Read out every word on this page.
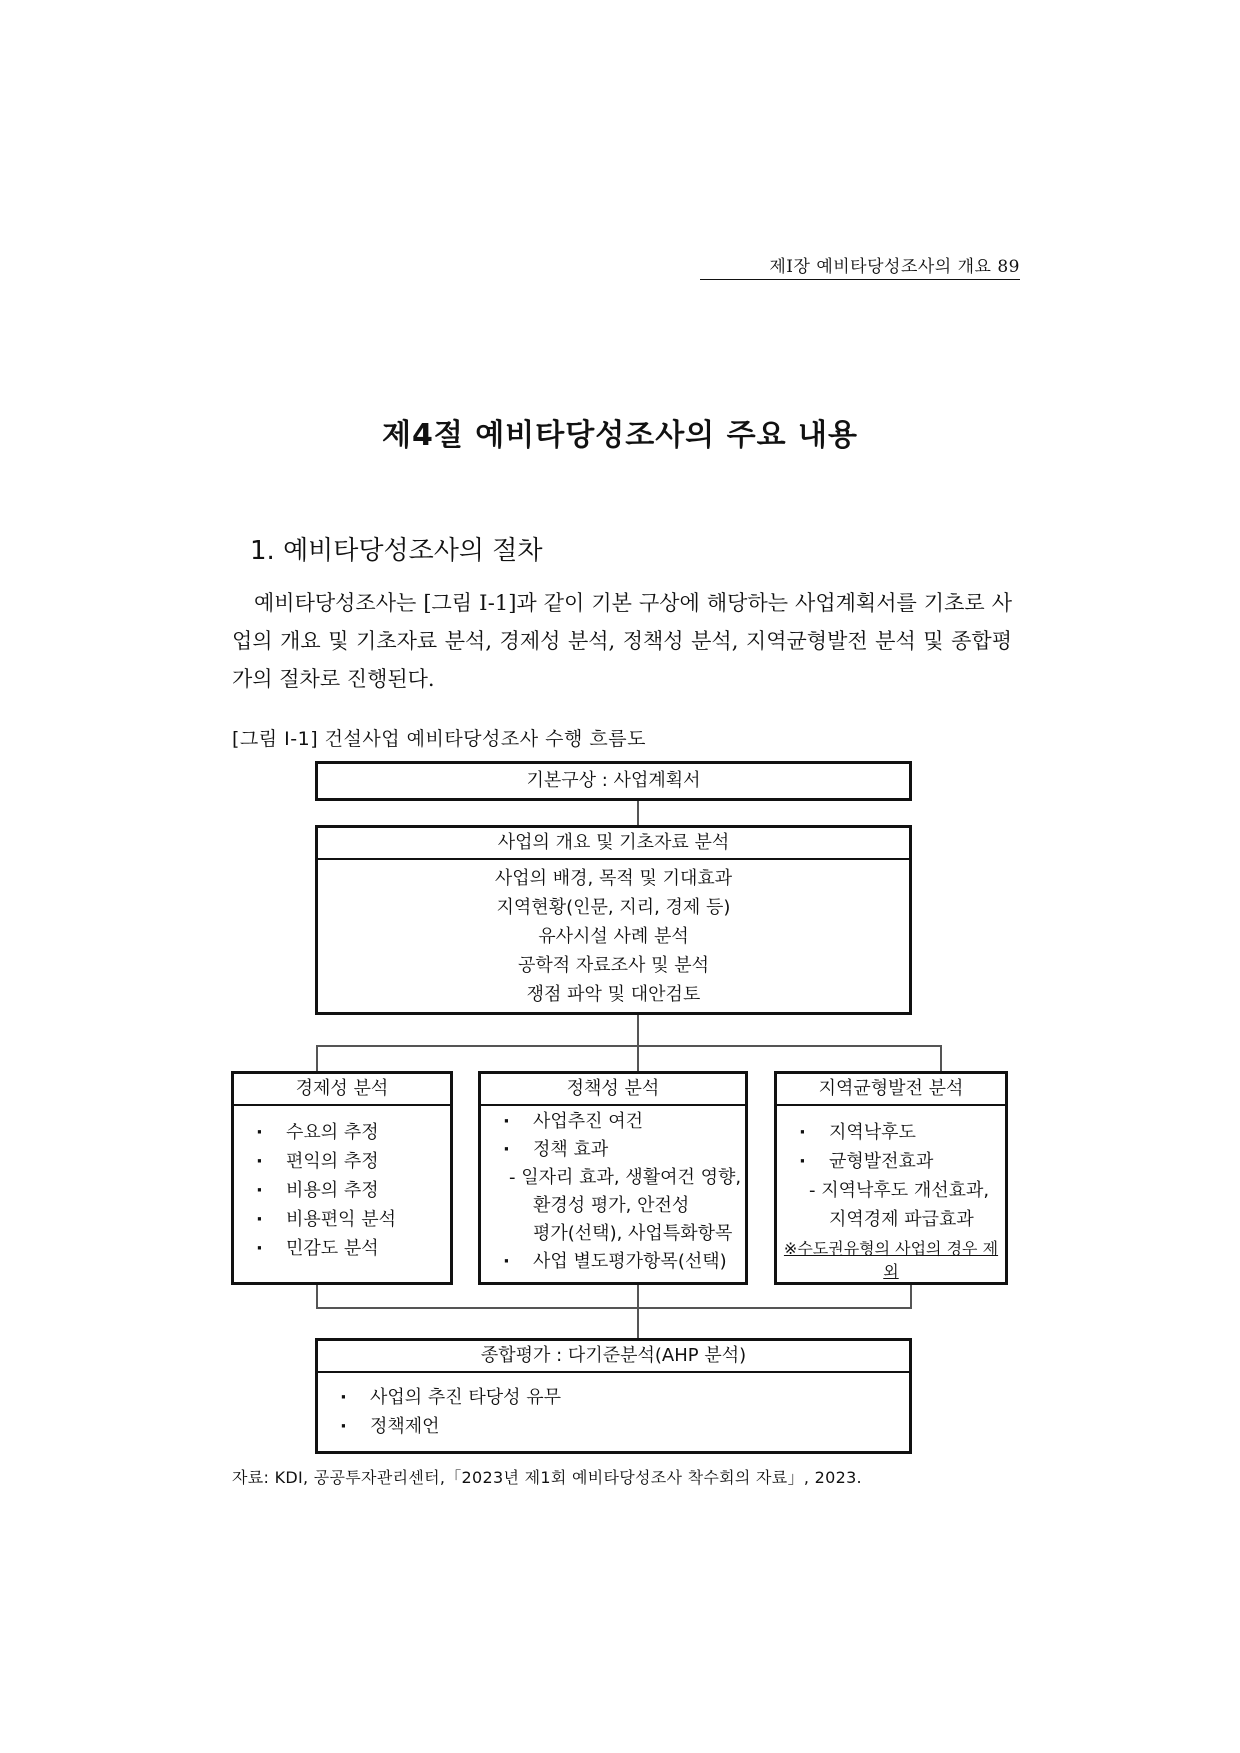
제Ⅰ장 예비타당성조사의 개요 89
제4절 예비타당성조사의 주요 내용
1. 예비타당성조사의 절차
예비타당성조사는 [그림 Ⅰ-1]과 같이 기본 구상에 해당하는 사업계획서를 기초로 사업의 개요 및 기초자료 분석, 경제성 분석, 정책성 분석, 지역균형발전 분석 및 종합평가의 절차로 진행된다.
[그림 Ⅰ-1] 건설사업 예비타당성조사 수행 흐름도
기본구상 : 사업계획서
사업의 개요 및 기초자료 분석
사업의 배경, 목적 및 기대효과
지역현황(인문, 지리, 경제 등)
유사시설 사례 분석
공학적 자료조사 및 분석
쟁점 파악 및 대안검토
경제성 분석
· 수요의 추정
· 편익의 추정
· 비용의 추정
· 비용편익 분석
· 민감도 분석
정책성 분석
· 사업추진 여건
· 정책 효과
- 일자리 효과, 생활여건 영향,
환경성 평가, 안전성
평가(선택), 사업특화항목
· 사업 별도평가항목(선택)
지역균형발전 분석
· 지역낙후도
· 균형발전효과
- 지역낙후도 개선효과,
지역경제 파급효과
※수도권유형의 사업의 경우 제외
종합평가 : 다기준분석(AHP 분석)
· 사업의 추진 타당성 유무
· 정책제언
자료: KDI, 공공투자관리센터,「2023년 제1회 예비타당성조사 착수회의 자료」, 2023.
